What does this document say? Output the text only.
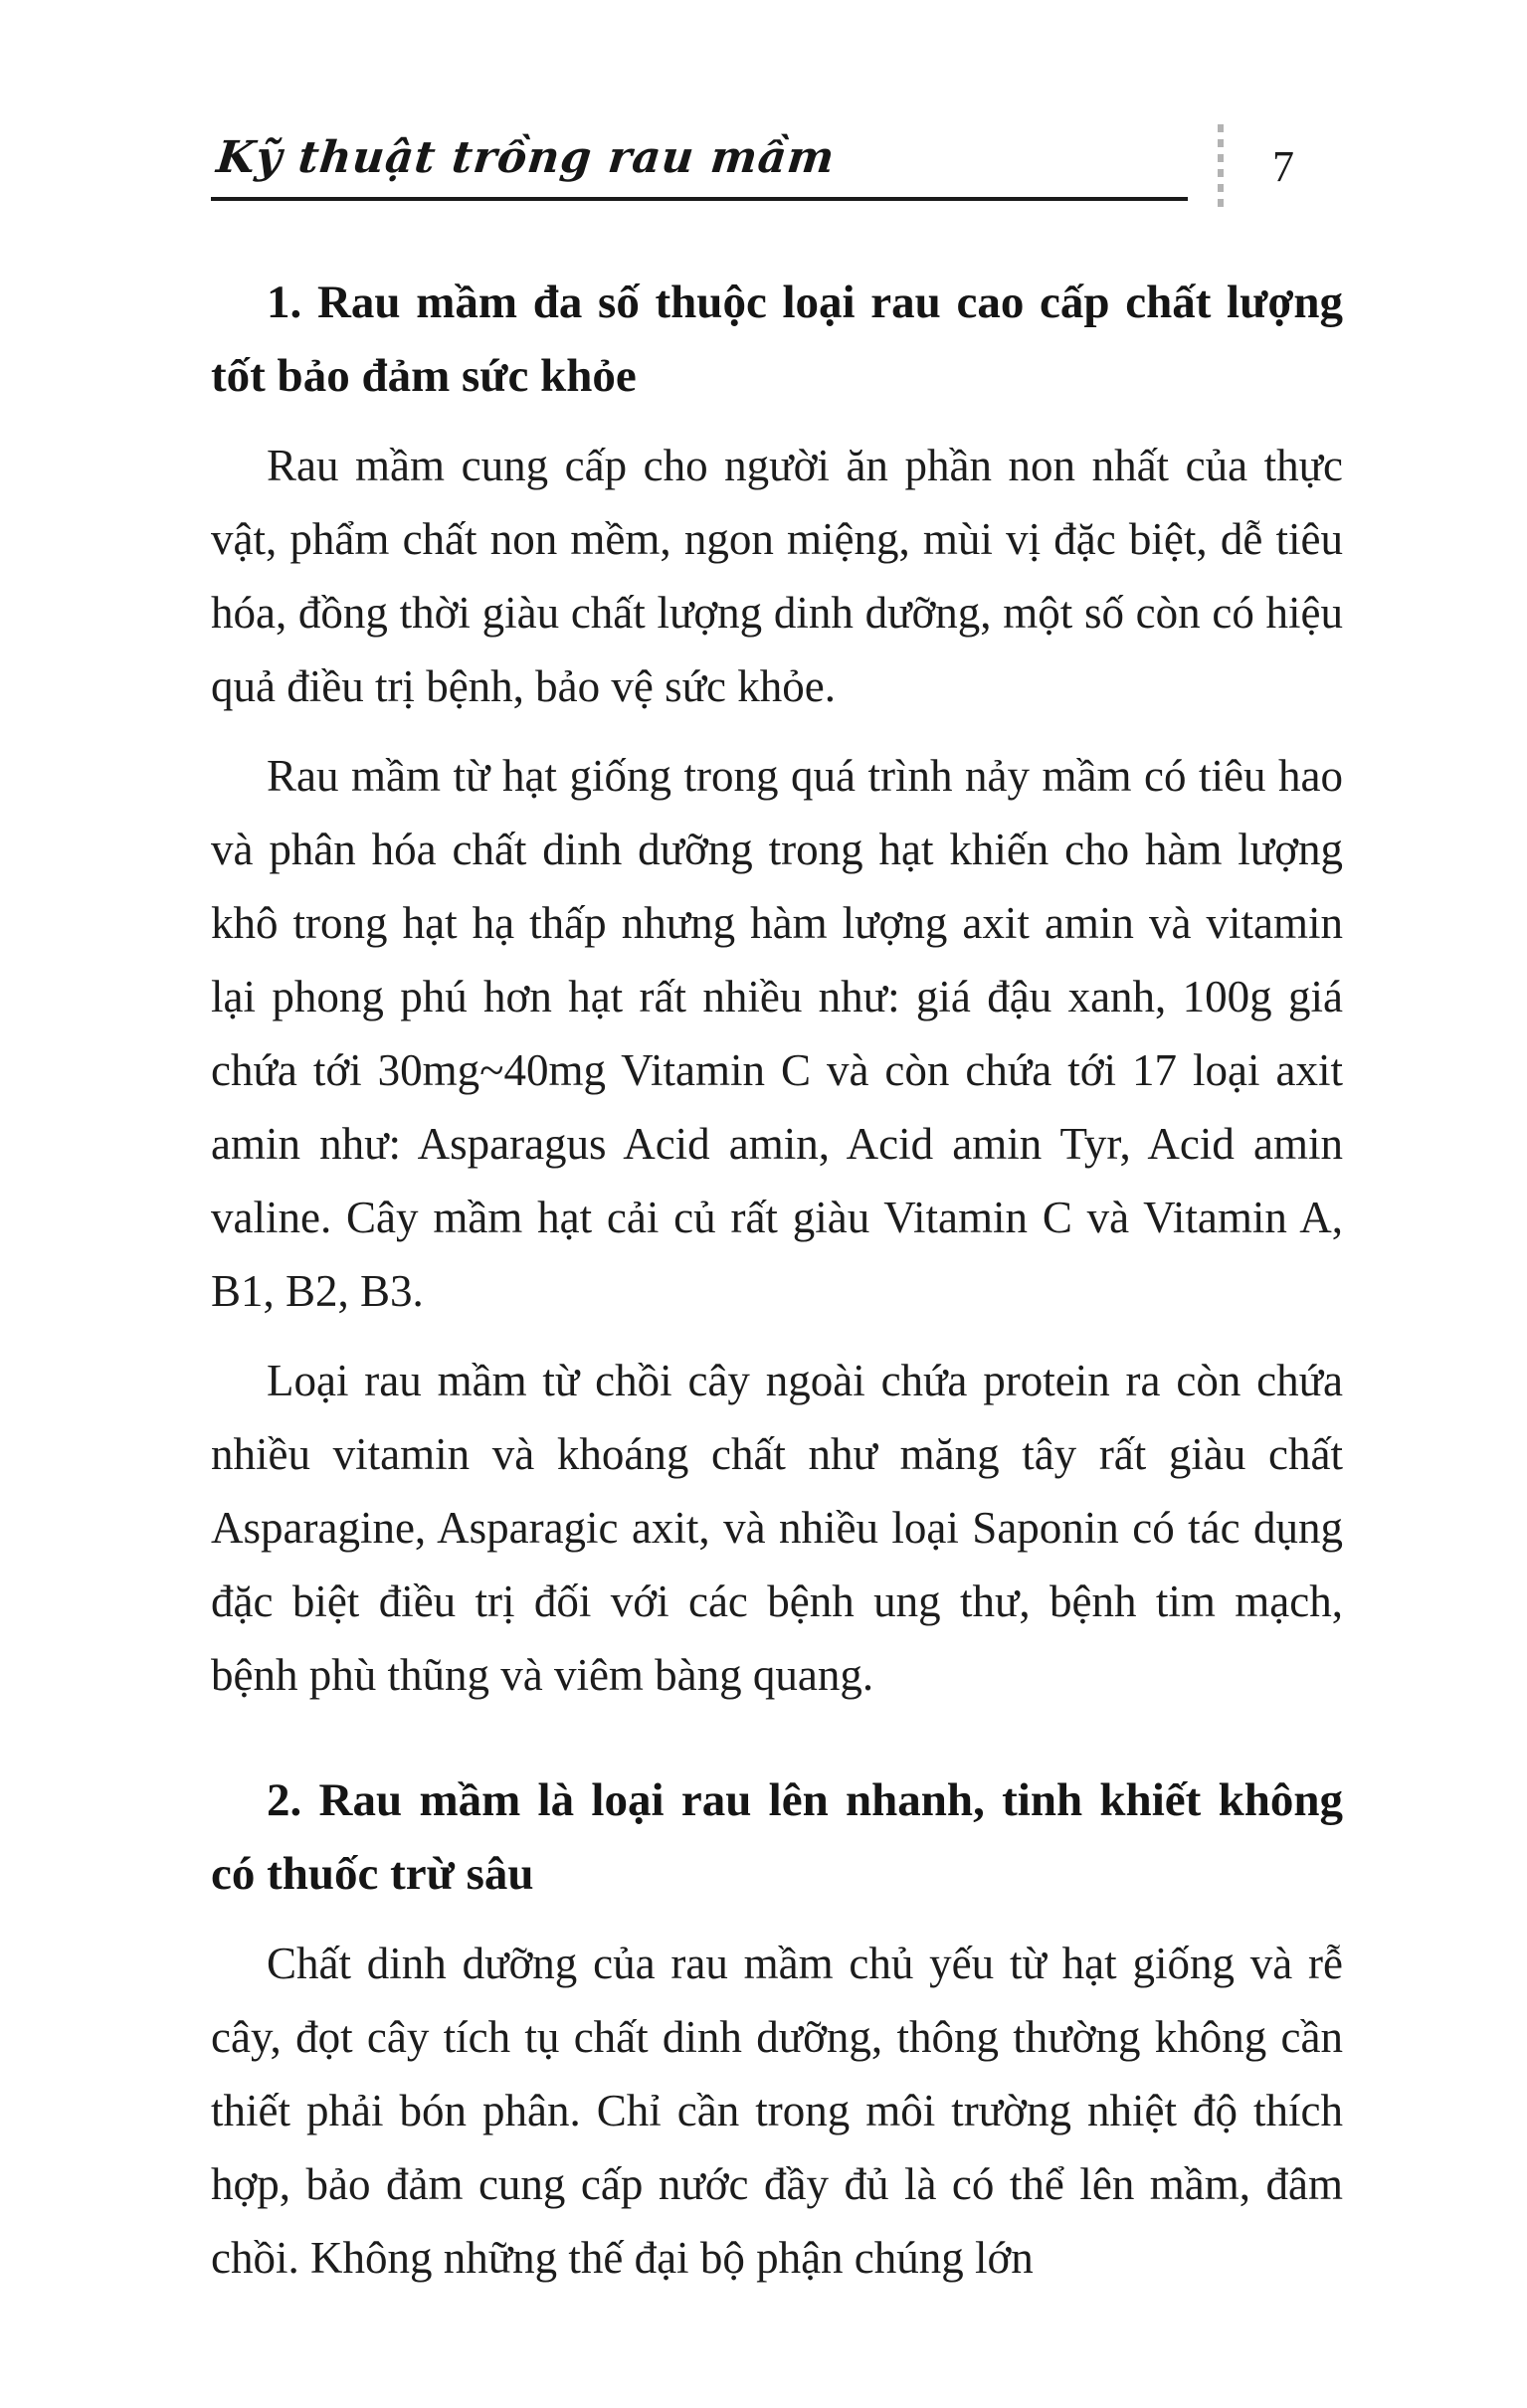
Kỹ thuật trồng rau mầm	7
1. Rau mầm đa số thuộc loại rau cao cấp chất lượng tốt bảo đảm sức khỏe

Rau mầm cung cấp cho người ăn phần non nhất của thực vật, phẩm chất non mềm, ngon miệng, mùi vị đặc biệt, dễ tiêu hóa, đồng thời giàu chất lượng dinh dưỡng, một số còn có hiệu quả điều trị bệnh, bảo vệ sức khỏe.

Rau mầm từ hạt giống trong quá trình nảy mầm có tiêu hao và phân hóa chất dinh dưỡng trong hạt khiến cho hàm lượng khô trong hạt hạ thấp nhưng hàm lượng axit amin và vitamin lại phong phú hơn hạt rất nhiều như: giá đậu xanh, 100g giá chứa tới 30mg~40mg Vitamin C và còn chứa tới 17 loại axit amin như: Asparagus Acid amin, Acid amin Tyr, Acid amin valine. Cây mầm hạt cải củ rất giàu Vitamin C và Vitamin A, B1, B2, B3.

Loại rau mầm từ chồi cây ngoài chứa protein ra còn chứa nhiều vitamin và khoáng chất như măng tây rất giàu chất Asparagine, Asparagic axit, và nhiều loại Saponin có tác dụng đặc biệt điều trị đối với các bệnh ung thư, bệnh tim mạch, bệnh phù thũng và viêm bàng quang.

2. Rau mầm là loại rau lên nhanh, tinh khiết không có thuốc trừ sâu

Chất dinh dưỡng của rau mầm chủ yếu từ hạt giống và rễ cây, đọt cây tích tụ chất dinh dưỡng, thông thường không cần thiết phải bón phân. Chỉ cần trong môi trường nhiệt độ thích hợp, bảo đảm cung cấp nước đầy đủ là có thể lên mầm, đâm chồi. Không những thế đại bộ phận chúng lớn
